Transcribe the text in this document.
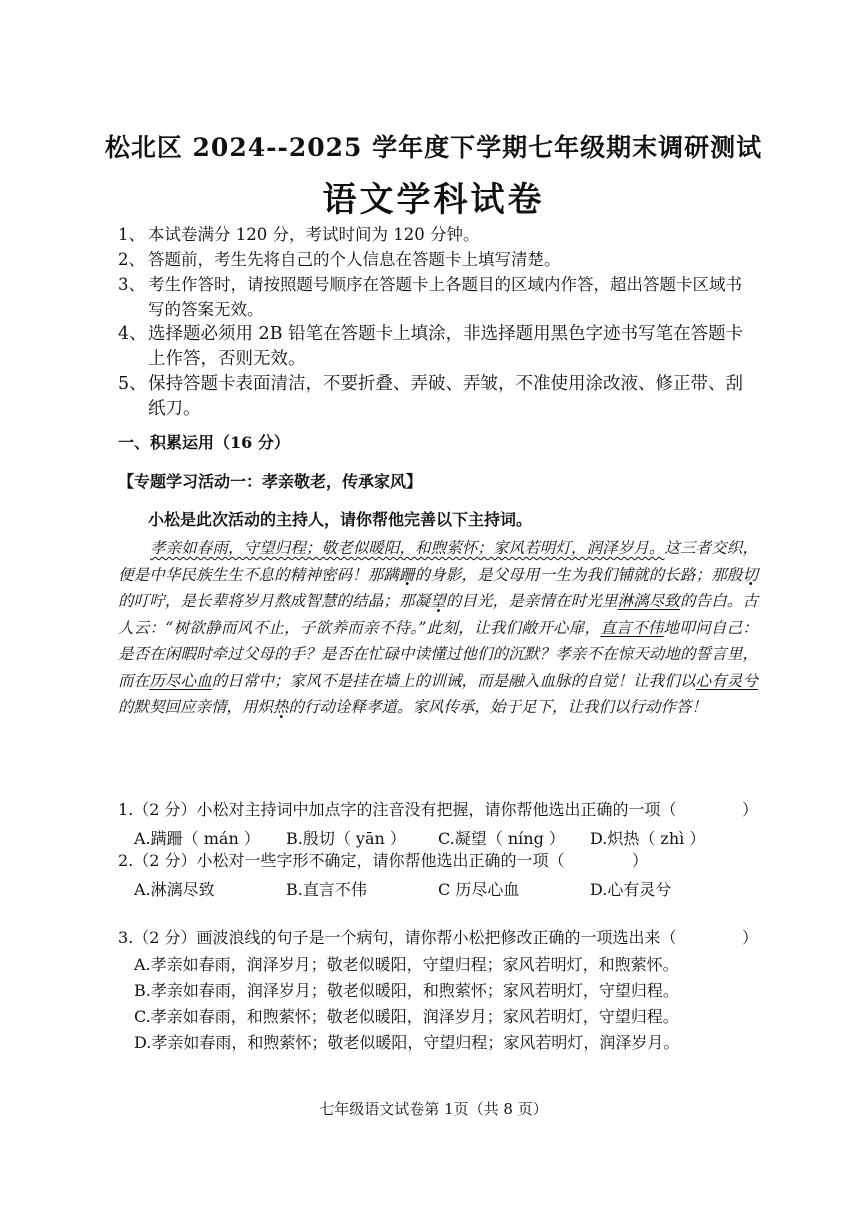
松北区 2024--2025 学年度下学期七年级期末调研测试
语文学科试卷
1、 本试卷满分 120 分，考试时间为 120 分钟。
2、 答题前，考生先将自己的个人信息在答题卡上填写清楚。
3、 考生作答时，请按照题号顺序在答题卡上各题目的区域内作答，超出答题卡区域书写的答案无效。
4、 选择题必须用 2B 铅笔在答题卡上填涂，非选择题用黑色字迹书写笔在答题卡上作答，否则无效。
5、 保持答题卡表面清洁，不要折叠、弄破、弄皱，不准使用涂改液、修正带、刮纸刀。
一、积累运用（16 分）
【专题学习活动一：孝亲敬老，传承家风】
小松是此次活动的主持人，请你帮他完善以下主持词。
孝亲如春雨，守望归程；敬老似暖阳，和煦萦怀；家风若明灯，润泽岁月。这三者交织，便是中华民族生生不息的精神密码！那蹒跚的身影，是父母用一生为我们铺就的长路；那殷切的叮咛，是长辈将岁月熬成智慧的结晶；那凝望的目光，是亲情在时光里淋漓尽致的告白。古人云：“树欲静而风不止，子欲养而亲不待。”此刻，让我们敞开心扉，直言不伟地叩问自己：是否在闲暇时牵过父母的手？是否在忙碌中读懂过他们的沉默？孝亲不在惊天动地的誓言里，而在历尽心血的日常中；家风不是挂在墙上的训诫，而是融入血脉的自觉！让我们以心有灵兮的默契回应亲情，用炽热的行动诠释孝道。家风传承，始于足下，让我们以行动作答！
1.（2 分）小松对主持词中加点字的注音没有把握，请你帮他选出正确的一项（	）
A.蹒跚（ mán ）	B.殷切（ yān ）	C.凝望（ níng ）	D.炽热（ zhì ）
2.（2 分）小松对一些字形不确定，请你帮他选出正确的一项（	）
A.淋漓尽致	B.直言不伟	C 历尽心血	D.心有灵兮
3.（2 分）画波浪线的句子是一个病句，请你帮小松把修改正确的一项选出来（	）
A.孝亲如春雨，润泽岁月；敬老似暖阳，守望归程；家风若明灯，和煦萦怀。
B.孝亲如春雨，润泽岁月；敬老似暖阳，和煦萦怀；家风若明灯，守望归程。
C.孝亲如春雨，和煦萦怀；敬老似暖阳，润泽岁月；家风若明灯，守望归程。
D.孝亲如春雨，和煦萦怀；敬老似暖阳，守望归程；家风若明灯，润泽岁月。
七年级语文试卷第 1页（共 8 页）
